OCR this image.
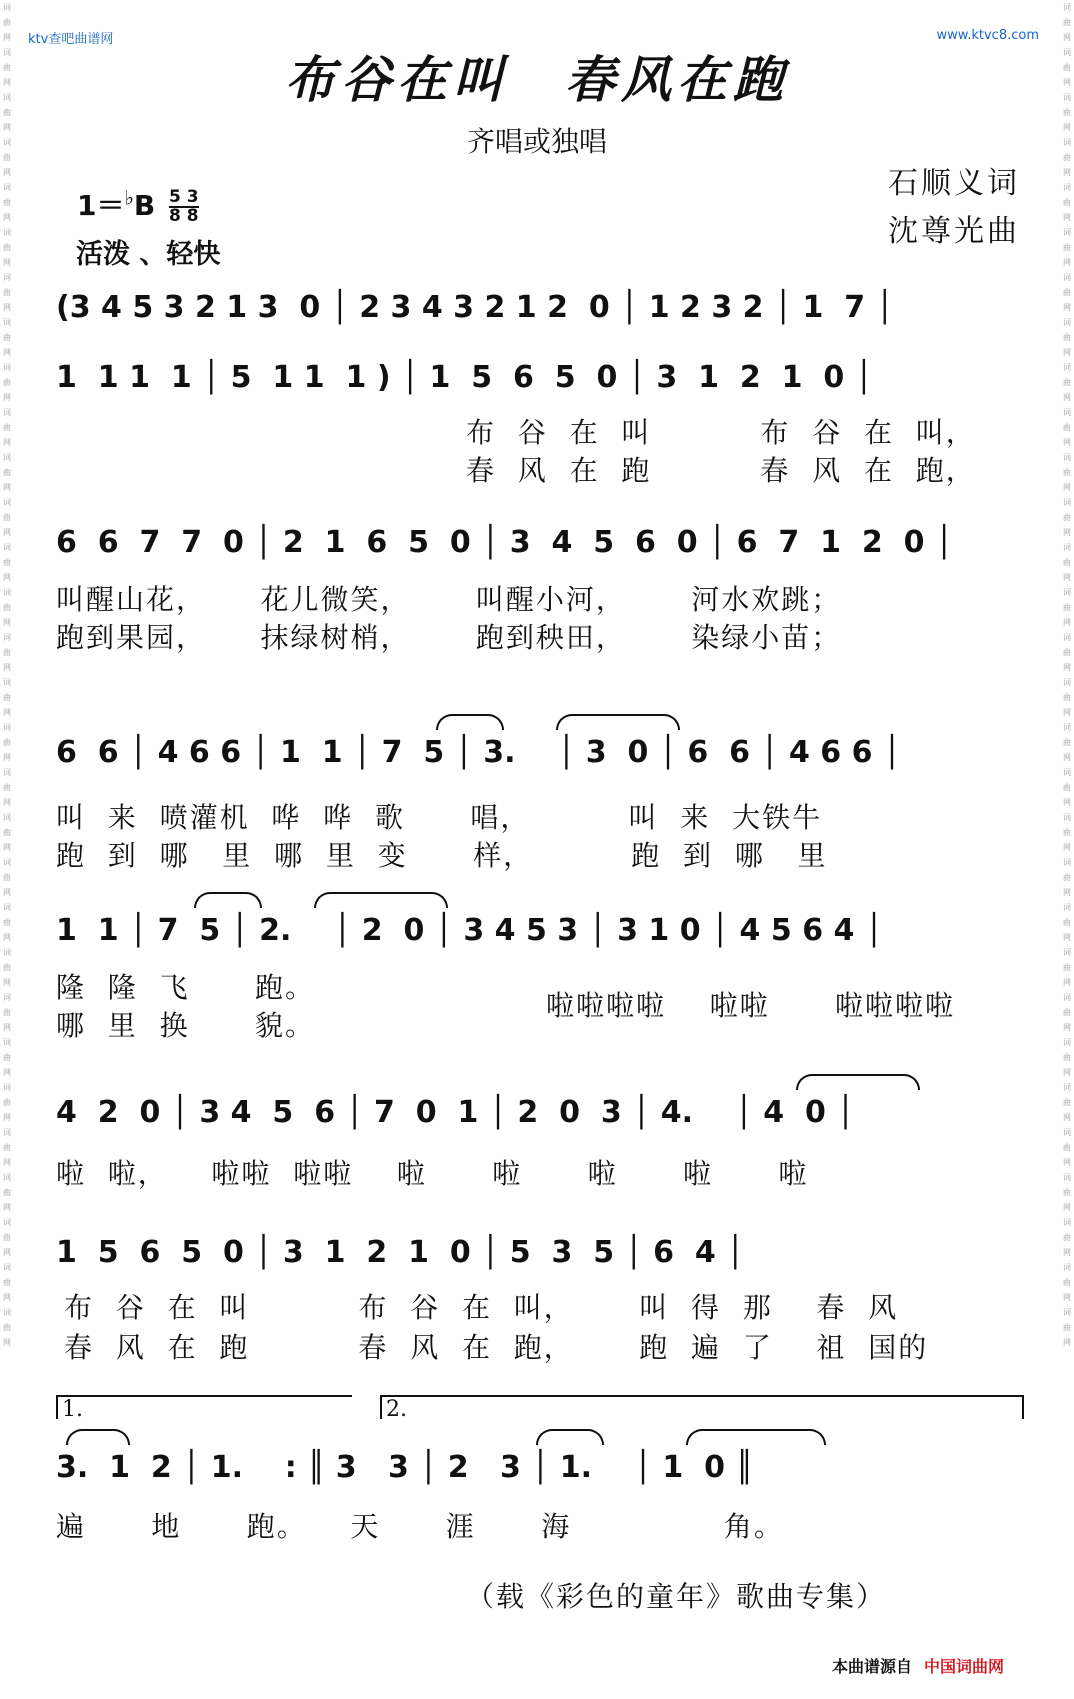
词曲网词曲网词曲网词曲网词曲网词曲网词曲网词曲网词曲网词曲网词曲网词曲网词曲网词曲网词曲网词曲网词曲网词曲网词曲网词曲网词曲网词曲网词曲网词曲网词曲网词曲网词曲网词曲网词曲网词曲网
词曲网词曲网词曲网词曲网词曲网词曲网词曲网词曲网词曲网词曲网词曲网词曲网词曲网词曲网词曲网词曲网词曲网词曲网词曲网词曲网词曲网词曲网词曲网词曲网词曲网词曲网词曲网词曲网词曲网词曲网
ktv查吧曲谱网	www.ktvc8.com
布谷在叫　春风在跑
齐唱或独唱
石顺义词
沈尊光曲
$1=^♭B \frac{5 3}{8 8}$
活泼 、轻快
(3 4 5 3 2 1 3  0 │ 2 3 4 3 2 1 2  0 │ 1 2 3 2 │ 1  7 │
1  1 1  1 │ 5  1 1  1 ) │ 1  5  6  5  0 │ 3  1  2  1  0 │
布  谷  在  叫          布  谷  在  叫，
春  风  在  跑          春  风  在  跑，
6  6  7  7  0 │ 2  1  6  5  0 │ 3  4  5  6  0 │ 6  7  1  2  0 │
叫醒山花，     花儿微笑，      叫醒小河，      河水欢跳；
跑到果园，     抹绿树梢，      跑到秧田，      染绿小苗；
6  6 │ 4 6 6 │ 1  1 │ 7  5 │ 3.    │ 3  0 │ 6  6 │ 4 6 6 │
叫  来  喷灌机  哗  哗  歌      唱，         叫  来  大铁牛
跑  到  哪   里  哪  里  变      样，         跑  到  哪   里
1  1 │ 7  5 │ 2.    │ 2  0 │ 3 4 5 3 │ 3 1 0 │ 4 5 6 4 │
隆  隆  飞      跑。
哪  里  换      貌。
啦啦啦啦    啦啦      啦啦啦啦
4  2  0 │ 3 4  5  6 │ 7  0  1 │ 2  0  3 │ 4.    │ 4  0 │
啦  啦，    啦啦  啦啦    啦      啦      啦      啦      啦
1  5  6  5  0 │ 3  1  2  1  0 │ 5  3  5 │ 6  4 │
布  谷  在  叫          布  谷  在  叫，      叫  得  那    春  风
春  风  在  跑          春  风  在  跑，      跑  遍  了    祖  国的
1.	2.
3.  1  2 │ 1.    : ║ 3   3 │ 2   3 │ 1.    │ 1  0 ║
遍      地      跑。    天      涯      海              角。
（载《彩色的童年》歌曲专集）
本曲谱源自 中国词曲网
